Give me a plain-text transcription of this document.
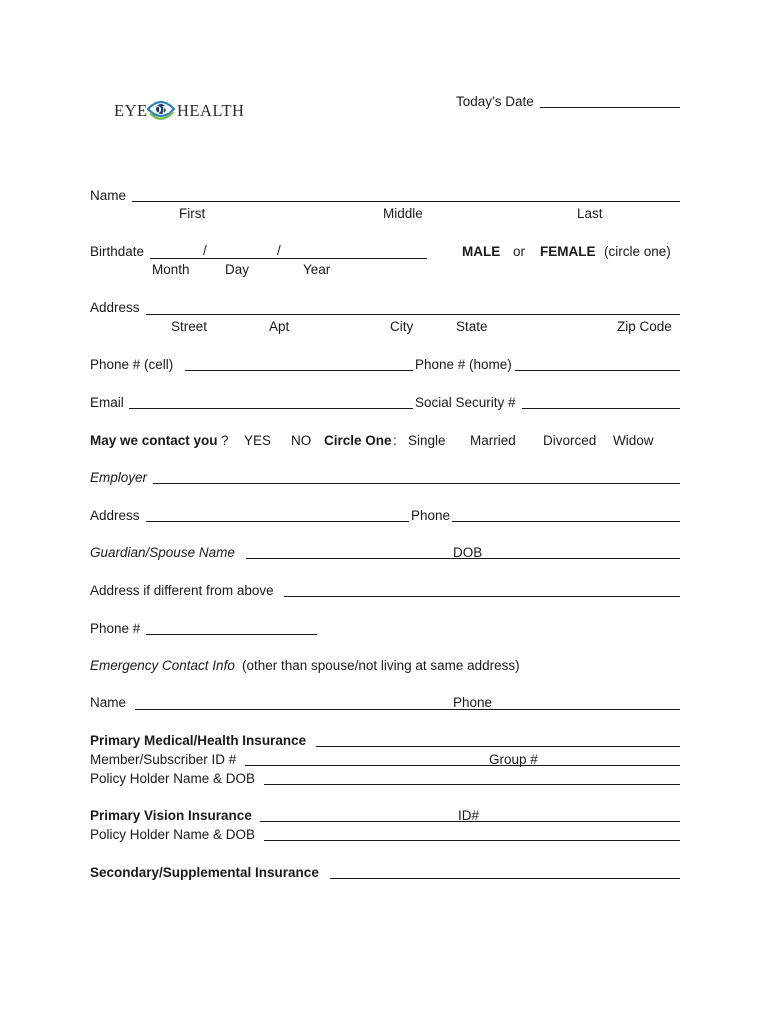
EYE ON HEALTH	Today’s Date
Name
First	Middle	Last
Birthdate	/	/
Month	Day	Year
MALE or FEMALE (circle one)
Address
Street	Apt	City	State	Zip Code
Phone # (cell)	Phone # (home)
Email	Social Security #
May we contact you ? YES NO Circle One : Single Married Divorced Widow
Employer
Address	Phone
Guardian/Spouse Name	DOB
Address if different from above
Phone #
Emergency Contact Info (other than spouse/not living at same address)
Name	Phone
Primary Medical/Health Insurance
Member/Subscriber ID #	Group #
Policy Holder Name & DOB
Primary Vision Insurance	ID#
Policy Holder Name & DOB
Secondary/Supplemental Insurance
